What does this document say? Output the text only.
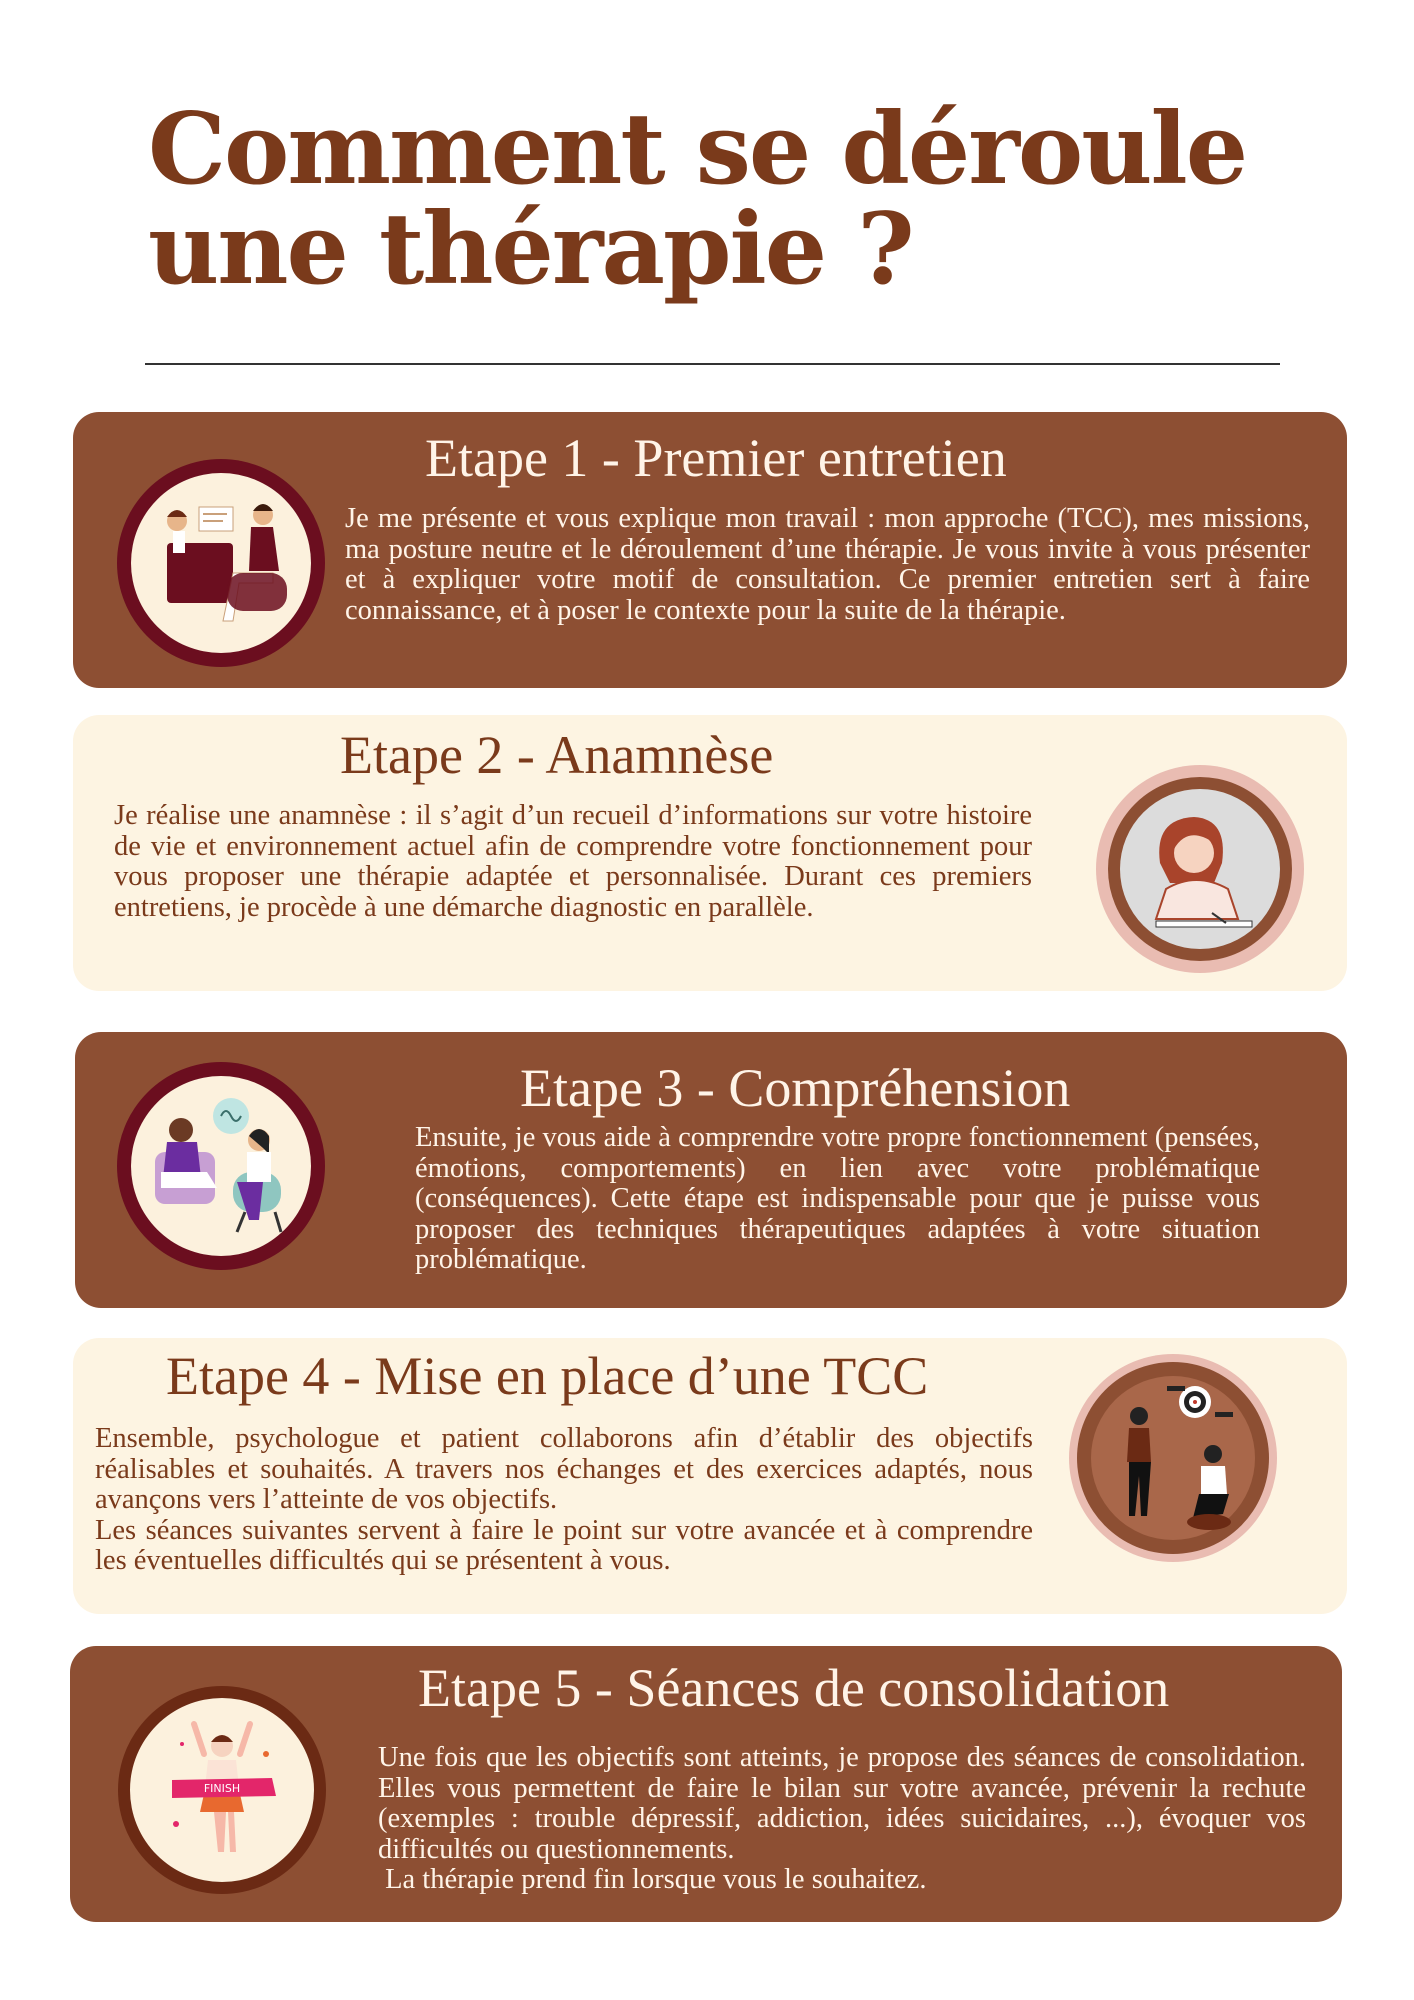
Comment se déroule
une thérapie ?
Etape 1 - Premier entretien

Je me présente et vous explique mon travail : mon approche (TCC), mes missions, ma posture neutre et le déroulement d’une thérapie. Je vous invite à vous présenter et à expliquer votre motif de consultation. Ce premier entretien sert à faire connaissance, et à poser le contexte pour la suite de la thérapie.

Etape 2 - Anamnèse

Je réalise une anamnèse : il s’agit d’un recueil d’informations sur votre histoire de vie et environnement actuel afin de comprendre votre fonctionnement pour vous proposer une thérapie adaptée et personnalisée. Durant ces premiers entretiens, je procède à une démarche diagnostic en parallèle.

Etape 3 - Compréhension

Ensuite, je vous aide à comprendre votre propre fonctionnement (pensées, émotions, comportements) en lien avec votre problématique (conséquences). Cette étape est indispensable pour que je puisse vous proposer des techniques thérapeutiques adaptées à votre situation problématique.

Etape 4 - Mise en place d’une TCC

Ensemble, psychologue et patient collaborons afin d’établir des objectifs réalisables et souhaités. A travers nos échanges et des exercices adaptés, nous avançons vers l’atteinte de vos objectifs.
Les séances suivantes servent à faire le point sur votre avancée et à comprendre les éventuelles difficultés qui se présentent à vous.

FINISH
Etape 5 - Séances de consolidation

Une fois que les objectifs sont atteints, je propose des séances de consolidation. Elles vous permettent de faire le bilan sur votre avancée, prévenir la rechute (exemples : trouble dépressif, addiction, idées suicidaires, ...), évoquer vos difficultés ou questionnements.
La thérapie prend fin lorsque vous le souhaitez.
